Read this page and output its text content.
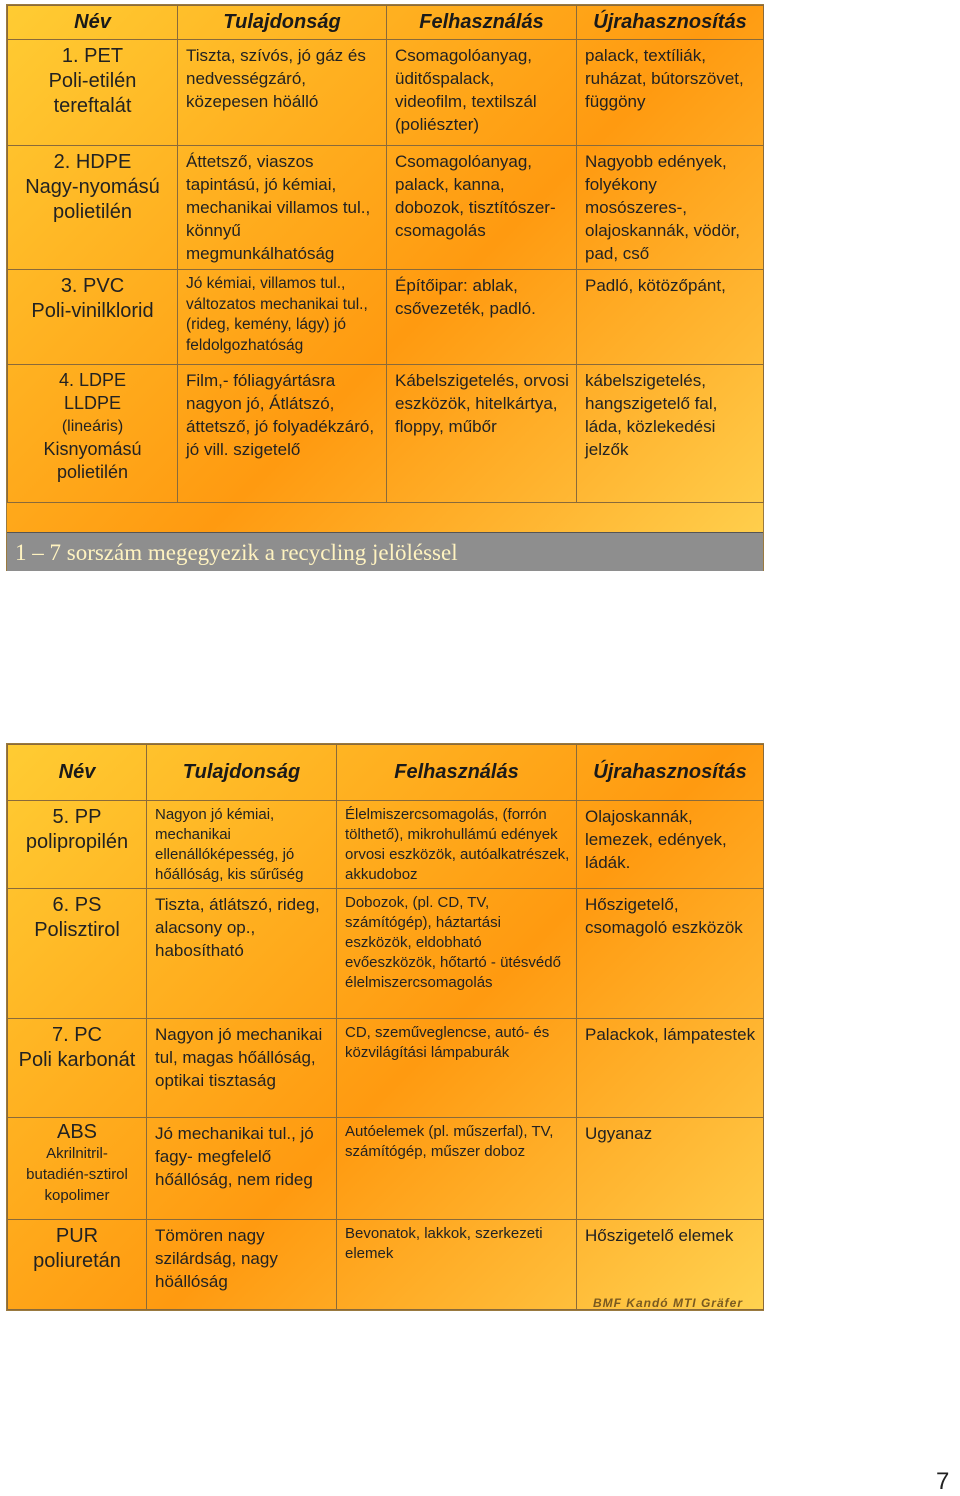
Név	Tulajdonság	Felhasználás	Újrahasznosítás

1. PET
Poli-etilén
tereftalát	Tiszta, szívós, jó gáz és nedvességzáró, közepesen höálló	Csomagolóanyag, üditőspalack, videofilm, textilszál (poliészter)	palack, textíliák, ruházat, bútorszövet, függöny

2. HDPE
Nagy-nyomású
polietilén	Áttetsző, viaszos tapintású, jó kémiai, mechanikai villamos tul., könnyű megmunkálhatóság	Csomagolóanyag, palack, kanna, dobozok, tisztítószer-csomagolás	Nagyobb edények, folyékony mosószeres-, olajoskannák, vödör, pad, cső

3. PVC
Poli-vinilklorid	Jó kémiai, villamos tul., változatos mechanikai tul., (rideg, kemény, lágy) jó feldolgozhatóság	Építőipar: ablak, csővezeték, padló.	Padló, kötözőpánt,

4. LDPE
LLDPE
(lineáris)
Kisnyomású
polietilén	Film,- fóliagyártásra nagyon jó, Átlátszó, áttetsző, jó folyadékzáró, jó vill. szigetelő	Kábelszigetelés, orvosi eszközök, hitelkártya, floppy, műbőr	kábelszigetelés, hangszigetelő fal, láda, közlekedési jelzők
1 – 7 sorszám megegyezik a recycling jelöléssel
Név	Tulajdonság	Felhasználás	Újrahasznosítás

5. PP
polipropilén	Nagyon jó kémiai, mechanikai ellenállóképesség, jó hőállóság, kis sűrűség	Élelmiszercsomagolás, (forrón tölthető), mikrohullámú edények orvosi eszközök, autóalkatrészek, akkudoboz	Olajoskannák, lemezek, edények, ládák.

6. PS
Polisztirol	Tiszta, átlátszó, rideg, alacsony op., habosítható	Dobozok, (pl. CD, TV, számítógép), háztartási eszközök, eldobható evőeszközök, hőtartó - ütésvédő élelmiszercsomagolás	Hőszigetelő, csomagoló eszközök

7. PC
Poli karbonát	Nagyon jó mechanikai tul, magas hőállóság, optikai tisztaság	CD, szeműveglencse, autó- és közvilágítási lámpaburák	Palackok, lámpatestek

ABS
Akrilnitril-
butadién-sztirol
kopolimer	Jó mechanikai tul., jó fagy- megfelelő hőállóság, nem rideg	Autóelemek (pl. műszerfal), TV, számítógép, műszer doboz	Ugyanaz

PUR
poliuretán	Tömören nagy szilárdság, nagy höállóság	Bevonatok, lakkok, szerkezeti elemek	Hőszigetelő elemek
BMF Kandó MTI Gräfer
7
